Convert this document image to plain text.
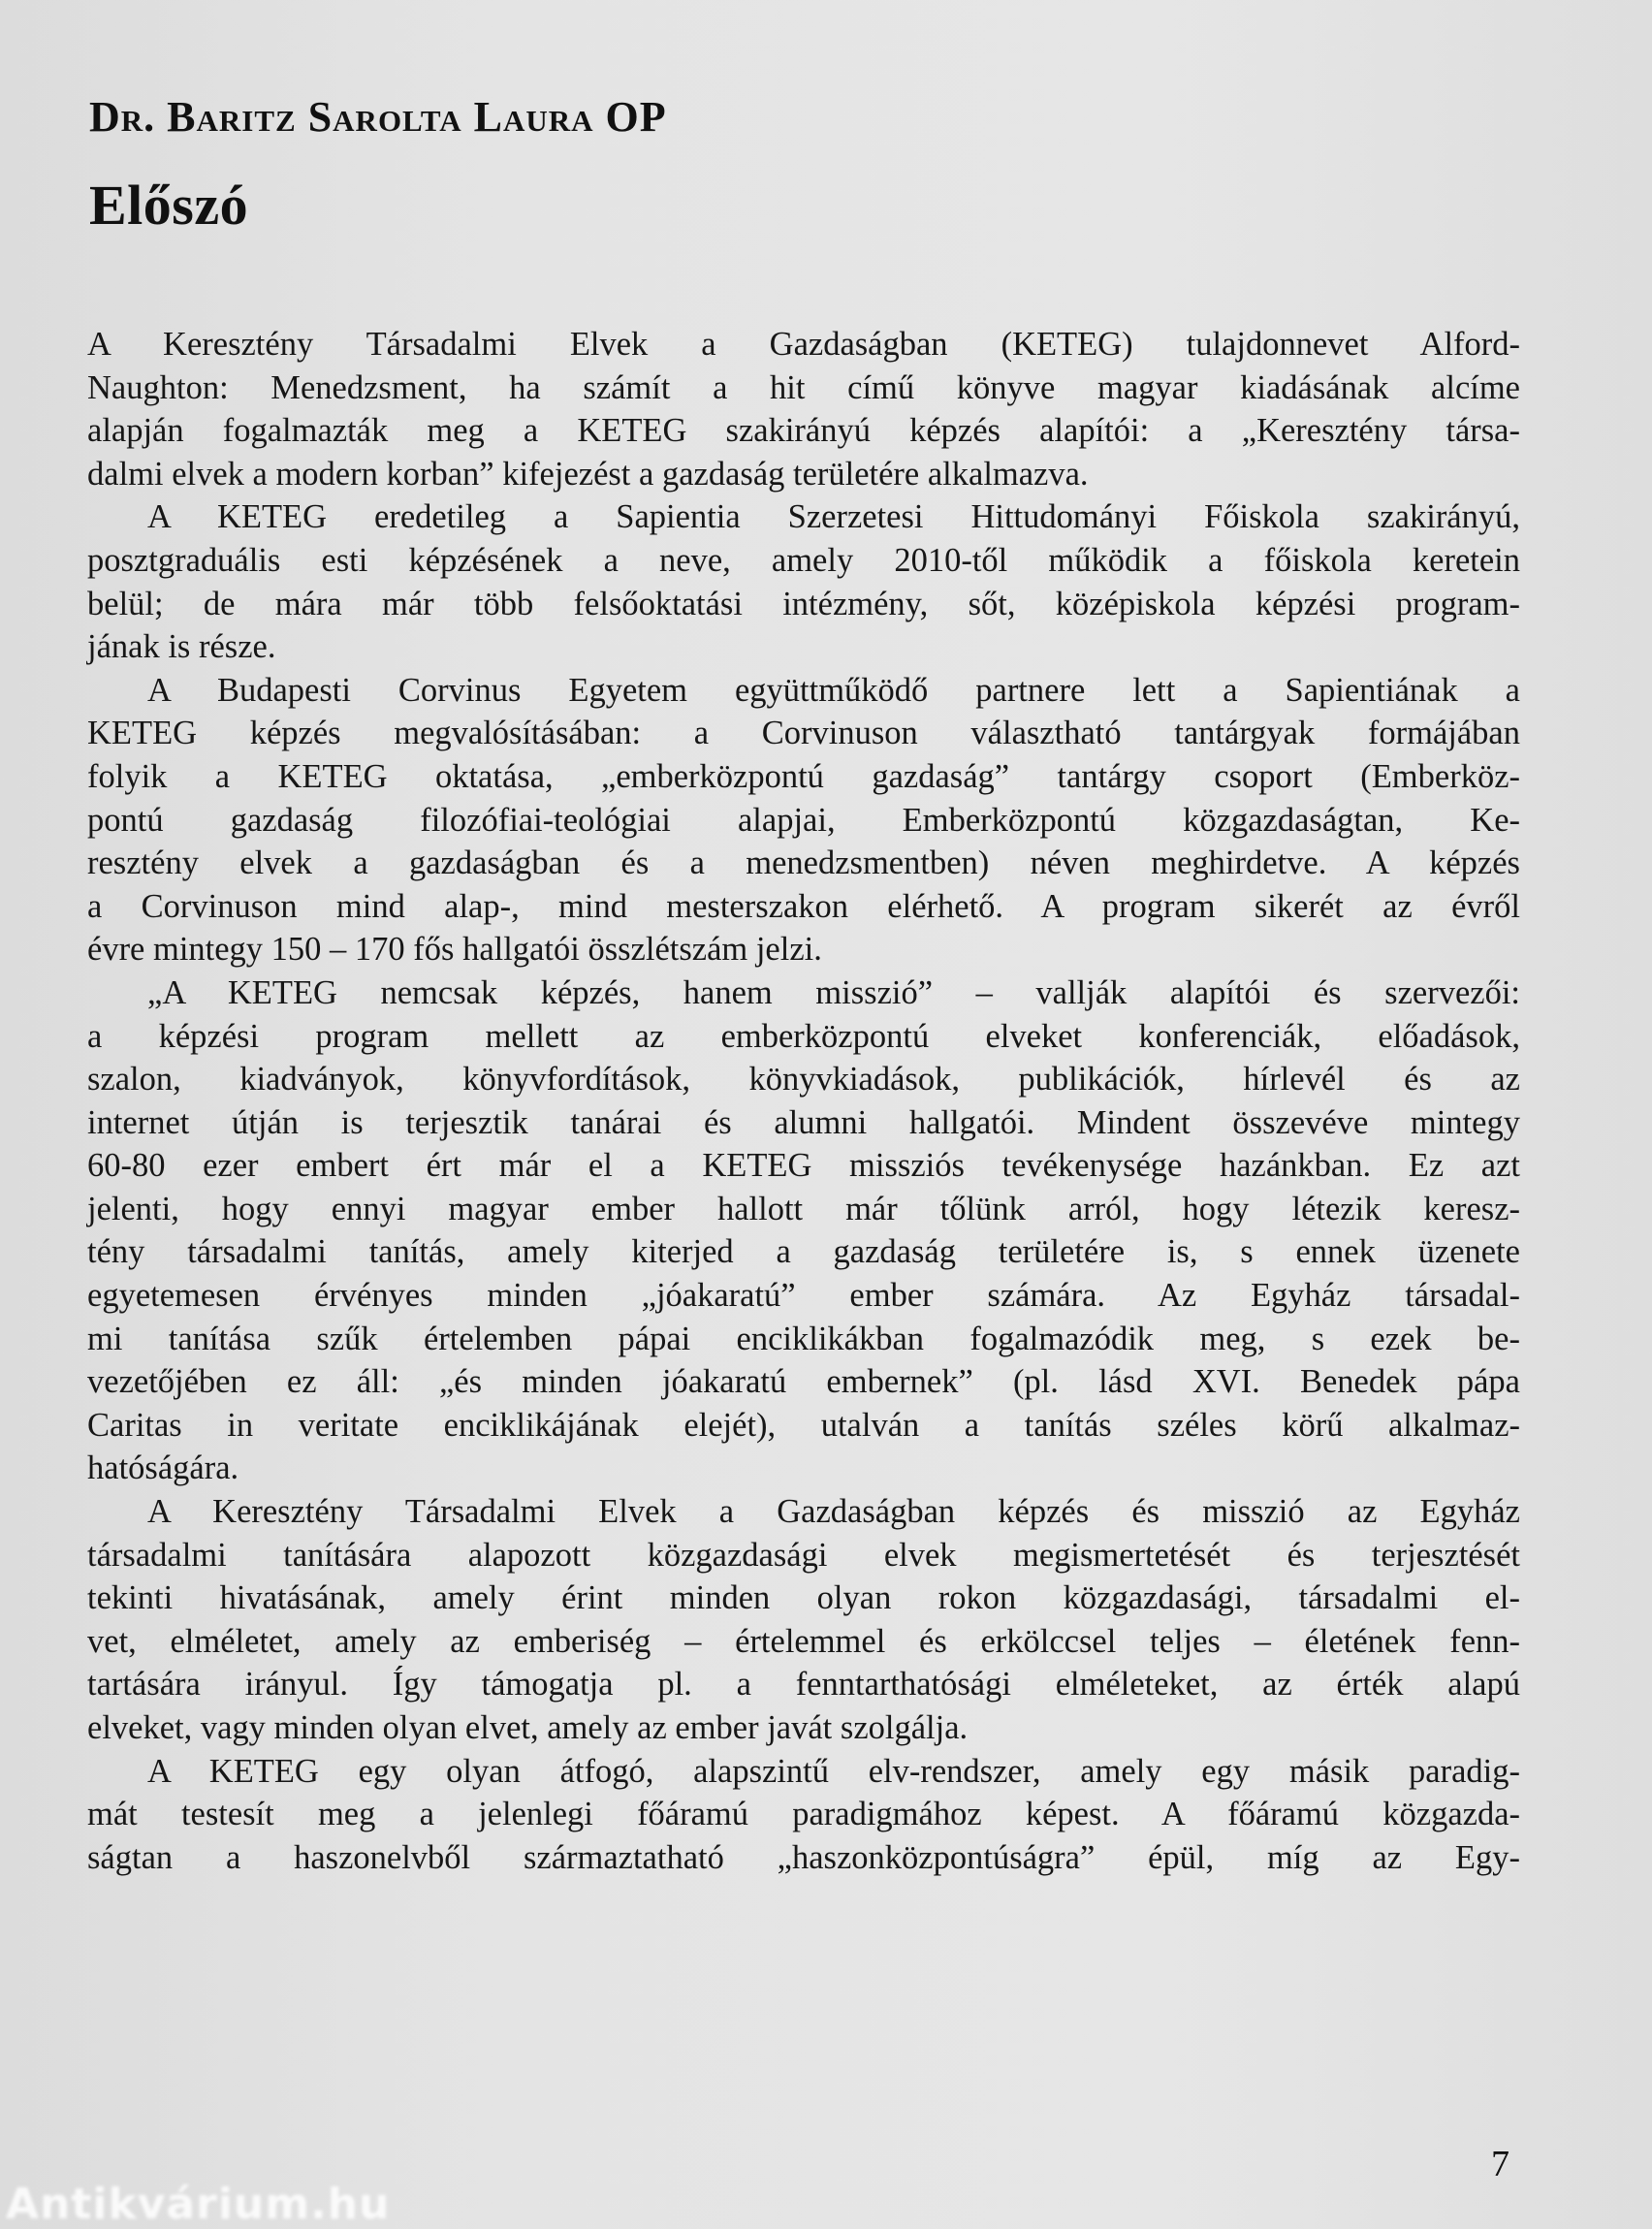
Dr. Baritz Sarolta Laura OP
Előszó

A Keresztény Társadalmi Elvek a Gazdaságban (KETEG) tulajdonnevet Alford-
Naughton: Menedzsment, ha számít a hit című könyve magyar kiadásának alcíme
alapján fogalmazták meg a KETEG szakirányú képzés alapítói: a „Keresztény társa-
dalmi elvek a modern korban” kifejezést a gazdaság területére alkalmazva.

A KETEG eredetileg a Sapientia Szerzetesi Hittudományi Főiskola szakirányú,
posztgraduális esti képzésének a neve, amely 2010-től működik a főiskola keretein
belül; de mára már több felsőoktatási intézmény, sőt, középiskola képzési program-
jának is része.

A Budapesti Corvinus Egyetem együttműködő partnere lett a Sapientiának a
KETEG képzés megvalósításában: a Corvinuson választható tantárgyak formájában
folyik a KETEG oktatása, „emberközpontú gazdaság” tantárgy csoport (Emberköz-
pontú gazdaság filozófiai-teológiai alapjai, Emberközpontú közgazdaságtan, Ke-
resztény elvek a gazdaságban és a menedzsmentben) néven meghirdetve. A képzés
a Corvinuson mind alap-, mind mesterszakon elérhető. A program sikerét az évről
évre mintegy 150 – 170 fős hallgatói összlétszám jelzi.

„A KETEG nemcsak képzés, hanem misszió” – vallják alapítói és szervezői:
a képzési program mellett az emberközpontú elveket konferenciák, előadások,
szalon, kiadványok, könyvfordítások, könyvkiadások, publikációk, hírlevél és az
internet útján is terjesztik tanárai és alumni hallgatói. Mindent összevéve mintegy
60-80 ezer embert ért már el a KETEG missziós tevékenysége hazánkban. Ez azt
jelenti, hogy ennyi magyar ember hallott már tőlünk arról, hogy létezik keresz-
tény társadalmi tanítás, amely kiterjed a gazdaság területére is, s ennek üzenete
egyetemesen érvényes minden „jóakaratú” ember számára. Az Egyház társadal-
mi tanítása szűk értelemben pápai enciklikákban fogalmazódik meg, s ezek be-
vezetőjében ez áll: „és minden jóakaratú embernek” (pl. lásd XVI. Benedek pápa
Caritas in veritate enciklikájának elejét), utalván a tanítás széles körű alkalmaz-
hatóságára.

A Keresztény Társadalmi Elvek a Gazdaságban képzés és misszió az Egyház
társadalmi tanítására alapozott közgazdasági elvek megismertetését és terjesztését
tekinti hivatásának, amely érint minden olyan rokon közgazdasági, társadalmi el-
vet, elméletet, amely az emberiség – értelemmel és erkölccsel teljes – életének fenn-
tartására irányul. Így támogatja pl. a fenntarthatósági elméleteket, az érték alapú
elveket, vagy minden olyan elvet, amely az ember javát szolgálja.

A KETEG egy olyan átfogó, alapszintű elv-rendszer, amely egy másik paradig-
mát testesít meg a jelenlegi főáramú paradigmához képest. A főáramú közgazda-
ságtan a haszonelvből származtatható „haszonközpontúságra” épül, míg az Egy-

7
Antikvárium.hu
